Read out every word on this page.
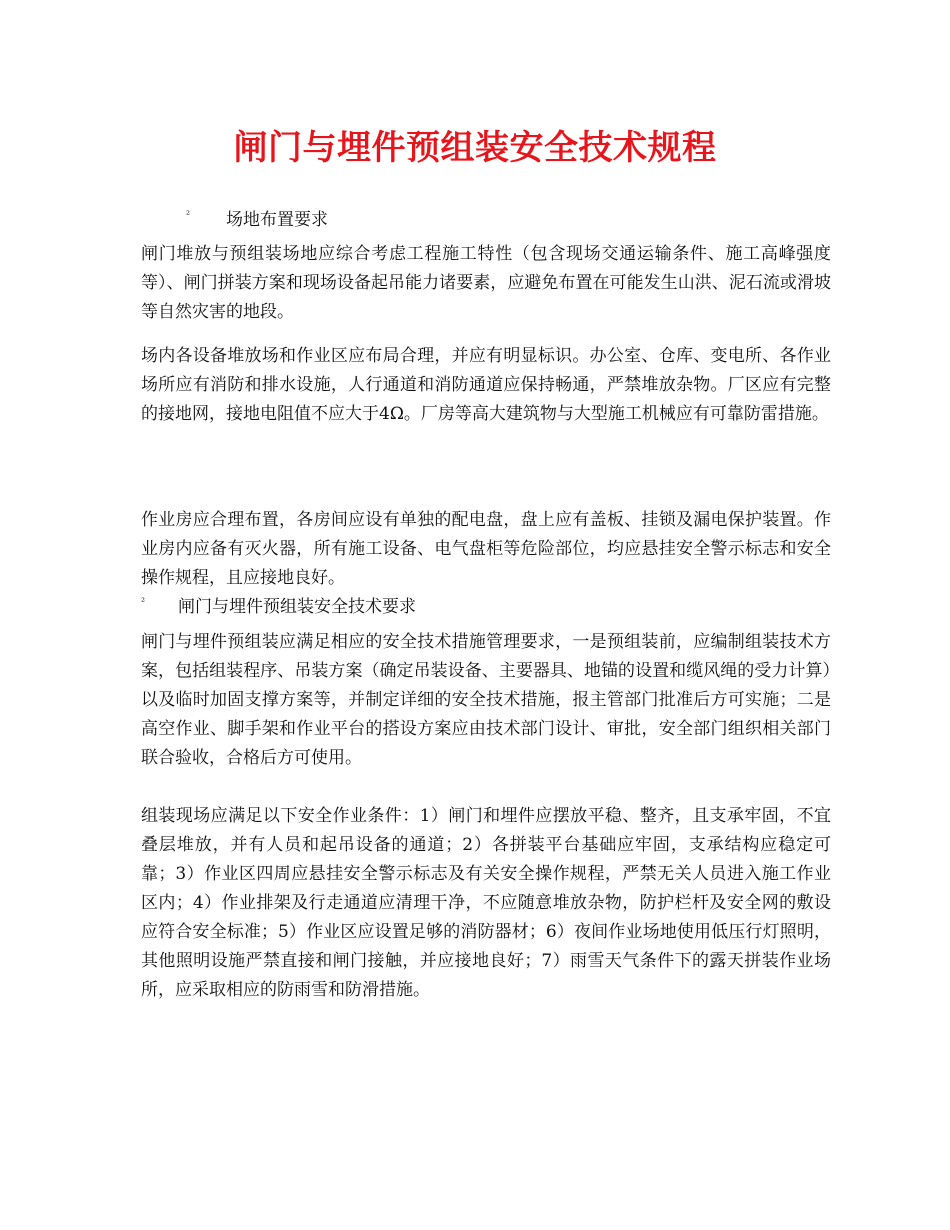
闸门与埋件预组装安全技术规程
² 场地布置要求

闸门堆放与预组装场地应综合考虑工程施工特性（包含现场交通运输条件、施工高峰强度等）、闸门拼装方案和现场设备起吊能力诸要素，应避免布置在可能发生山洪、泥石流或滑坡等自然灾害的地段。

场内各设备堆放场和作业区应布局合理，并应有明显标识。办公室、仓库、变电所、各作业场所应有消防和排水设施，人行通道和消防通道应保持畅通，严禁堆放杂物。厂区应有完整的接地网，接地电阻值不应大于4Ω。厂房等高大建筑物与大型施工机械应有可靠防雷措施。

作业房应合理布置，各房间应设有单独的配电盘，盘上应有盖板、挂锁及漏电保护装置。作业房内应备有灭火器，所有施工设备、电气盘柜等危险部位，均应悬挂安全警示标志和安全操作规程，且应接地良好。

² 闸门与埋件预组装安全技术要求

闸门与埋件预组装应满足相应的安全技术措施管理要求，一是预组装前，应编制组装技术方案，包括组装程序、吊装方案（确定吊装设备、主要器具、地锚的设置和缆风绳的受力计算）以及临时加固支撑方案等，并制定详细的安全技术措施，报主管部门批准后方可实施；二是高空作业、脚手架和作业平台的搭设方案应由技术部门设计、审批，安全部门组织相关部门联合验收，合格后方可使用。

组装现场应满足以下安全作业条件：1）闸门和埋件应摆放平稳、整齐，且支承牢固，不宜叠层堆放，并有人员和起吊设备的通道；2）各拼装平台基础应牢固，支承结构应稳定可靠；3）作业区四周应悬挂安全警示标志及有关安全操作规程，严禁无关人员进入施工作业区内；4）作业排架及行走通道应清理干净，不应随意堆放杂物，防护栏杆及安全网的敷设应符合安全标准；5）作业区应设置足够的消防器材；6）夜间作业场地使用低压行灯照明，其他照明设施严禁直接和闸门接触，并应接地良好；7）雨雪天气条件下的露天拼装作业场所，应采取相应的防雨雪和防滑措施。
